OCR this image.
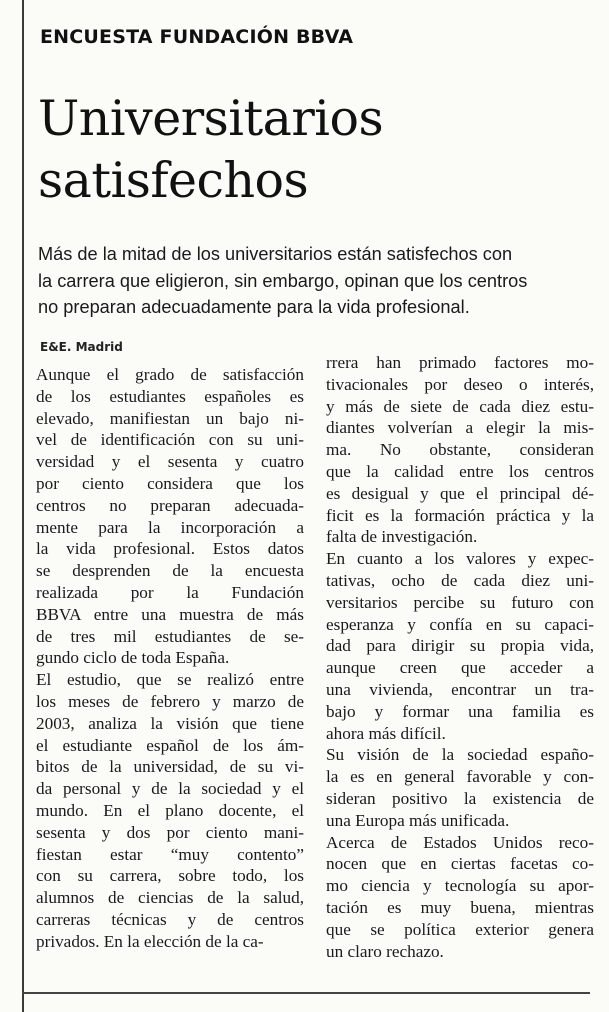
ENCUESTA FUNDACIÓN BBVA
Universitarios
satisfechos
Más de la mitad de los universitarios están satisfechos con
la carrera que eligieron, sin embargo, opinan que los centros
no preparan adecuadamente para la vida profesional.
E&E. Madrid
Aunque el grado de satisfacción
de los estudiantes españoles es
elevado, manifiestan un bajo ni-
vel de identificación con su uni-
versidad y el sesenta y cuatro
por ciento considera que los
centros no preparan adecuada-
mente para la incorporación a
la vida profesional. Estos datos
se desprenden de la encuesta
realizada por la Fundación
BBVA entre una muestra de más
de tres mil estudiantes de se-
gundo ciclo de toda España.
El estudio, que se realizó entre
los meses de febrero y marzo de
2003, analiza la visión que tiene
el estudiante español de los ám-
bitos de la universidad, de su vi-
da personal y de la sociedad y el
mundo. En el plano docente, el
sesenta y dos por ciento mani-
fiestan estar “muy contento”
con su carrera, sobre todo, los
alumnos de ciencias de la salud,
carreras técnicas y de centros
privados. En la elección de la ca-
rrera han primado factores mo-
tivacionales por deseo o interés,
y más de siete de cada diez estu-
diantes volverían a elegir la mis-
ma. No obstante, consideran
que la calidad entre los centros
es desigual y que el principal dé-
ficit es la formación práctica y la
falta de investigación.
En cuanto a los valores y expec-
tativas, ocho de cada diez uni-
versitarios percibe su futuro con
esperanza y confía en su capaci-
dad para dirigir su propia vida,
aunque creen que acceder a
una vivienda, encontrar un tra-
bajo y formar una familia es
ahora más difícil.
Su visión de la sociedad españo-
la es en general favorable y con-
sideran positivo la existencia de
una Europa más unificada.
Acerca de Estados Unidos reco-
nocen que en ciertas facetas co-
mo ciencia y tecnología su apor-
tación es muy buena, mientras
que se política exterior genera
un claro rechazo.
